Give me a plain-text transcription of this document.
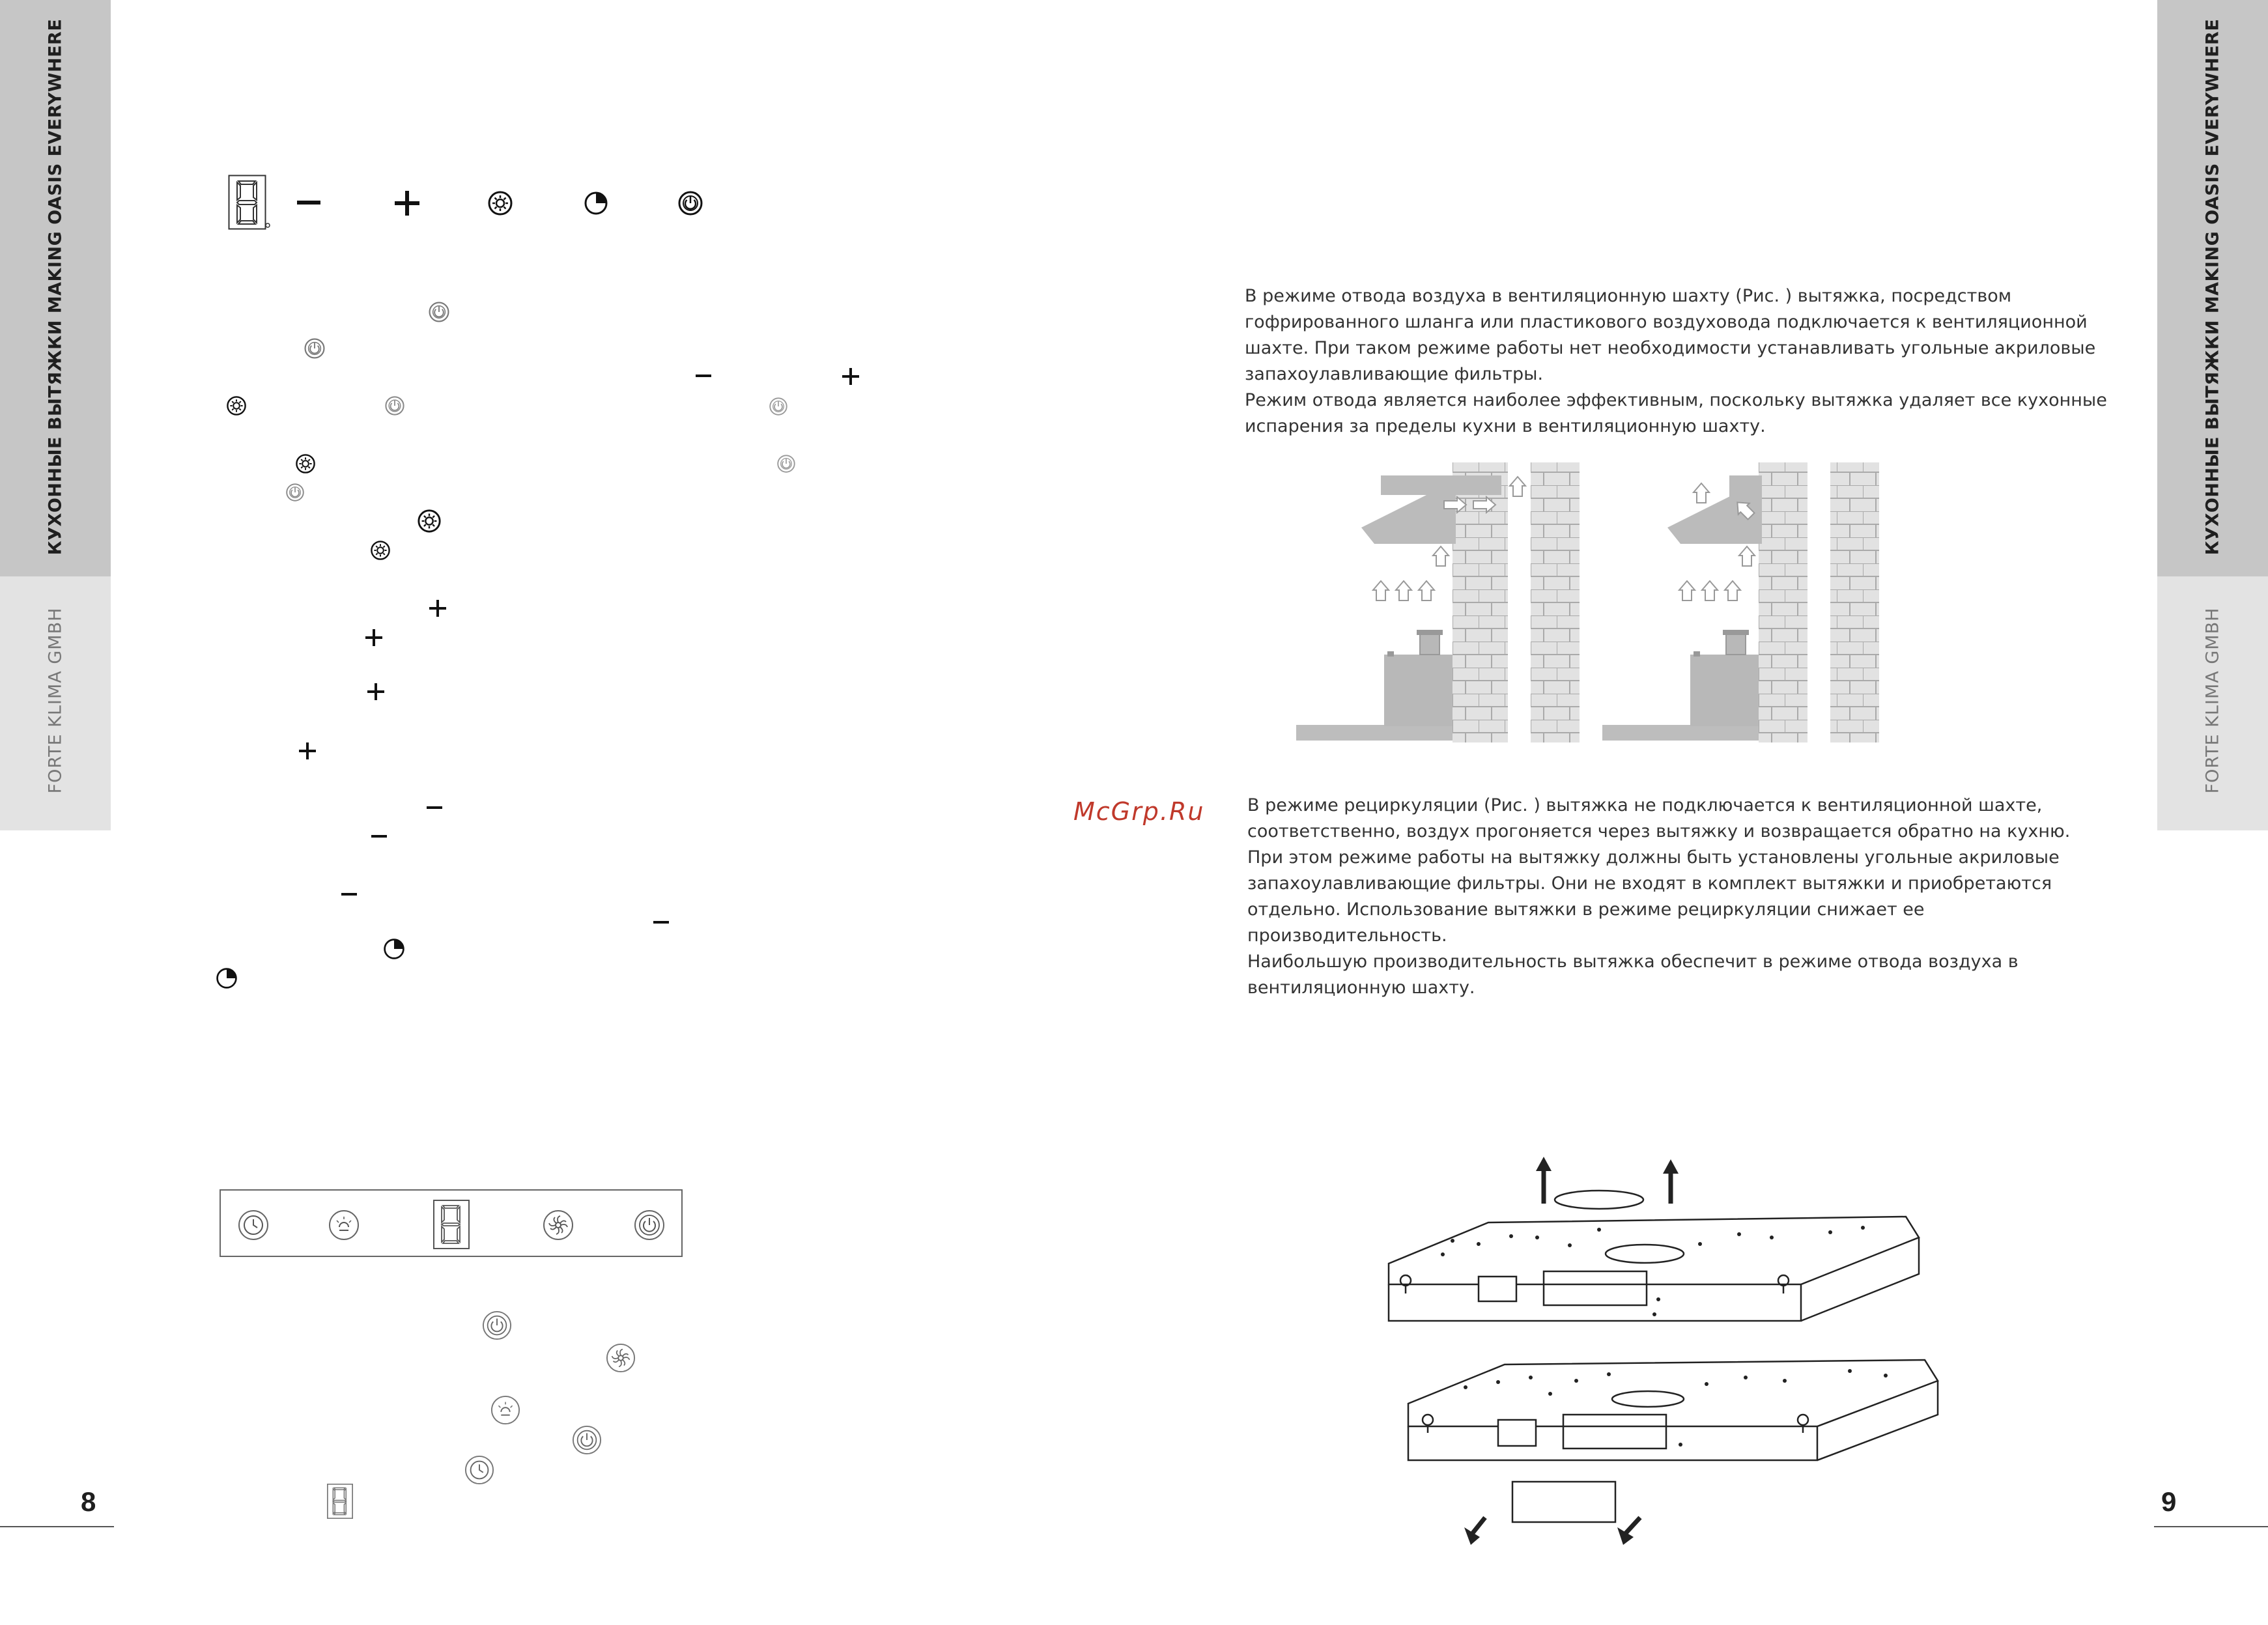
КУХОННЫЕ ВЫТЯЖКИ MAKING OASIS EVERYWHERE
FORTE KLIMA GMBH
8
КУХОННЫЕ ВЫТЯЖКИ MAKING OASIS EVERYWHERE
FORTE KLIMA GMBH
9
McGrp.Ru

В режиме отвода воздуха в вентиляционную шахту (Рис. ) вытяжка, посредством

гофрированного шланга или пластикового воздуховода подключается к вентиляционной

шахте. При таком режиме работы нет необходимости устанавливать угольные акриловые

запахоулавливающие фильтры.

Режим отвода является наиболее эффективным, поскольку вытяжка удаляет все кухонные

испарения за пределы кухни в вентиляционную шахту.

В режиме рециркуляции (Рис. ) вытяжка не подключается к вентиляционной шахте,

соответственно, воздух прогоняется через вытяжку и возвращается обратно на кухню.

При этом режиме работы на вытяжку должны быть установлены угольные акриловые

запахоулавливающие фильтры. Они не входят в комплект вытяжки и приобретаются

отдельно. Использование вытяжки в режиме рециркуляции снижает ее

производительность.

Наибольшую производительность вытяжка обеспечит в режиме отвода воздуха в

вентиляционную шахту.
